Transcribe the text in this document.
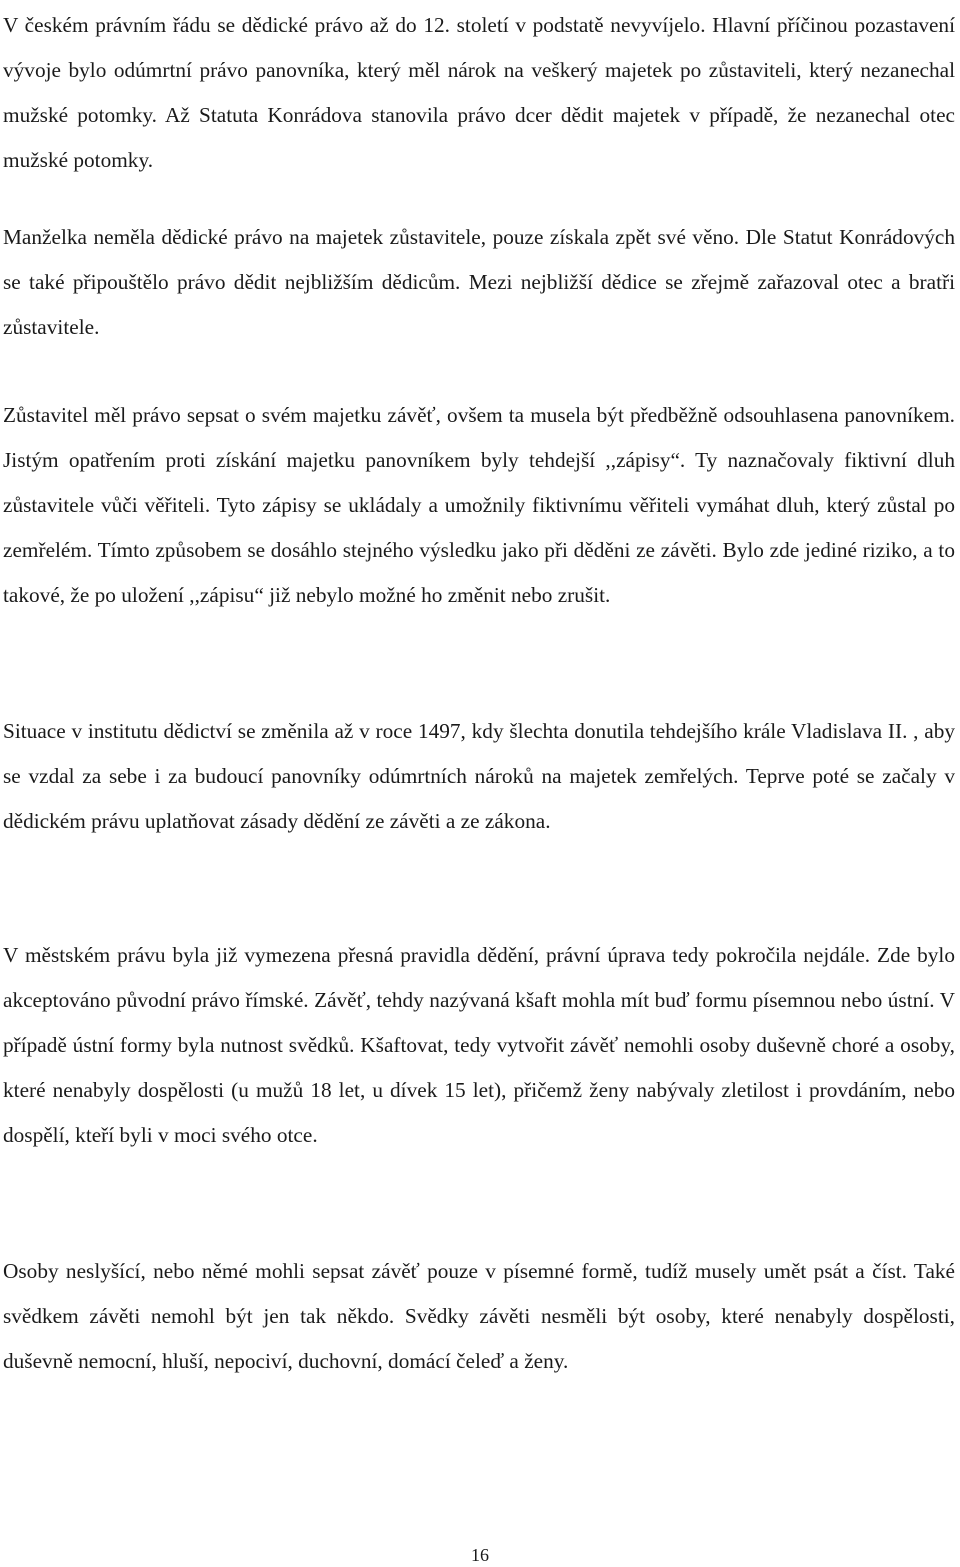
V českém právním řádu se dědické právo až do 12. století v podstatě nevyvíjelo. Hlavní příčinou pozastavení vývoje bylo odúmrtní právo panovníka, který měl nárok na veškerý majetek po zůstaviteli, který nezanechal mužské potomky. Až Statuta Konrádova stanovila právo dcer dědit majetek v případě, že nezanechal otec mužské potomky.

Manželka neměla dědické právo na majetek zůstavitele, pouze získala zpět své věno. Dle Statut Konrádových se také připouštělo právo dědit nejbližším dědicům. Mezi nejbližší dědice se zřejmě zařazoval otec a bratři zůstavitele.

Zůstavitel měl právo sepsat o svém majetku závěť, ovšem ta musela být předběžně odsouhlasena panovníkem. Jistým opatřením proti získání majetku panovníkem byly tehdejší ,,zápisy“. Ty naznačovaly fiktivní dluh zůstavitele vůči věřiteli. Tyto zápisy se ukládaly a umožnily fiktivnímu věřiteli vymáhat dluh, který zůstal po zemřelém. Tímto způsobem se dosáhlo stejného výsledku jako při děděni ze závěti. Bylo zde jediné riziko, a to takové, že po uložení ,,zápisu“ již nebylo možné ho změnit nebo zrušit.

Situace v institutu dědictví se změnila až v roce 1497, kdy šlechta donutila tehdejšího krále Vladislava II. , aby se vzdal za sebe i za budoucí panovníky odúmrtních nároků na majetek zemřelých. Teprve poté se začaly v dědickém právu uplatňovat zásady dědění ze závěti a ze zákona.

V městském právu byla již vymezena přesná pravidla dědění, právní úprava tedy pokročila nejdále. Zde bylo akceptováno původní právo římské. Závěť, tehdy nazývaná kšaft mohla mít buď formu písemnou nebo ústní. V případě ústní formy byla nutnost svědků. Kšaftovat, tedy vytvořit závěť nemohli osoby duševně choré a osoby, které nenabyly dospělosti (u mužů 18 let, u dívek 15 let), přičemž ženy nabývaly zletilost i provdáním, nebo dospělí, kteří byli v moci svého otce.

Osoby neslyšící, nebo němé mohli sepsat závěť pouze v písemné formě, tudíž musely umět psát a číst. Také svědkem závěti nemohl být jen tak někdo. Svědky závěti nesměli být osoby, které nenabyly dospělosti, duševně nemocní, hluší, nepociví, duchovní, domácí čeleď a ženy.

16
